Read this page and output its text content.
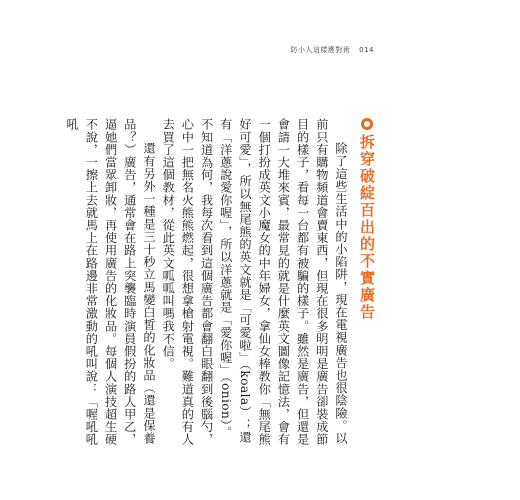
防小人這樣應對術 014
拆穿破綻百出的不實廣告

除了這些生活中的小陷阱，現在電視廣告也很陰險。以前只有購物頻道會賣東西，但現在很多明明是廣告卻裝成節目的樣子，看每一台都有被騙的樣子。雖然是廣告，但還是會請一大堆來賓，最常見的就是什麼英文圖像記憶法，會有一個打扮成英文小魔女的中年婦女，拿仙女棒教你「無尾熊好可愛」，所以無尾熊的英文就是「可愛啦」（koala）；還有「洋蔥說愛你喔」，所以洋蔥就是「愛你喔」（onion）。不知道為何，我每次看到這個廣告都會翻白眼翻到後腦勺，心中一把無名火熊熊燃起，很想拿槍射電視。難道真的有人去買了這個教材，從此英文呱呱叫嗎我不信。

還有另外一種是三十秒立馬變白皙的化妝品（還是保養品？）廣告，通常會在路上突襲臨時演員假扮的路人甲乙，逼她們當眾卸妝，再使用廣告的化妝品。每個人演技超生硬不說，一擦上去就馬上在路邊非常激動的吼叫說：「喔吼吼吼
